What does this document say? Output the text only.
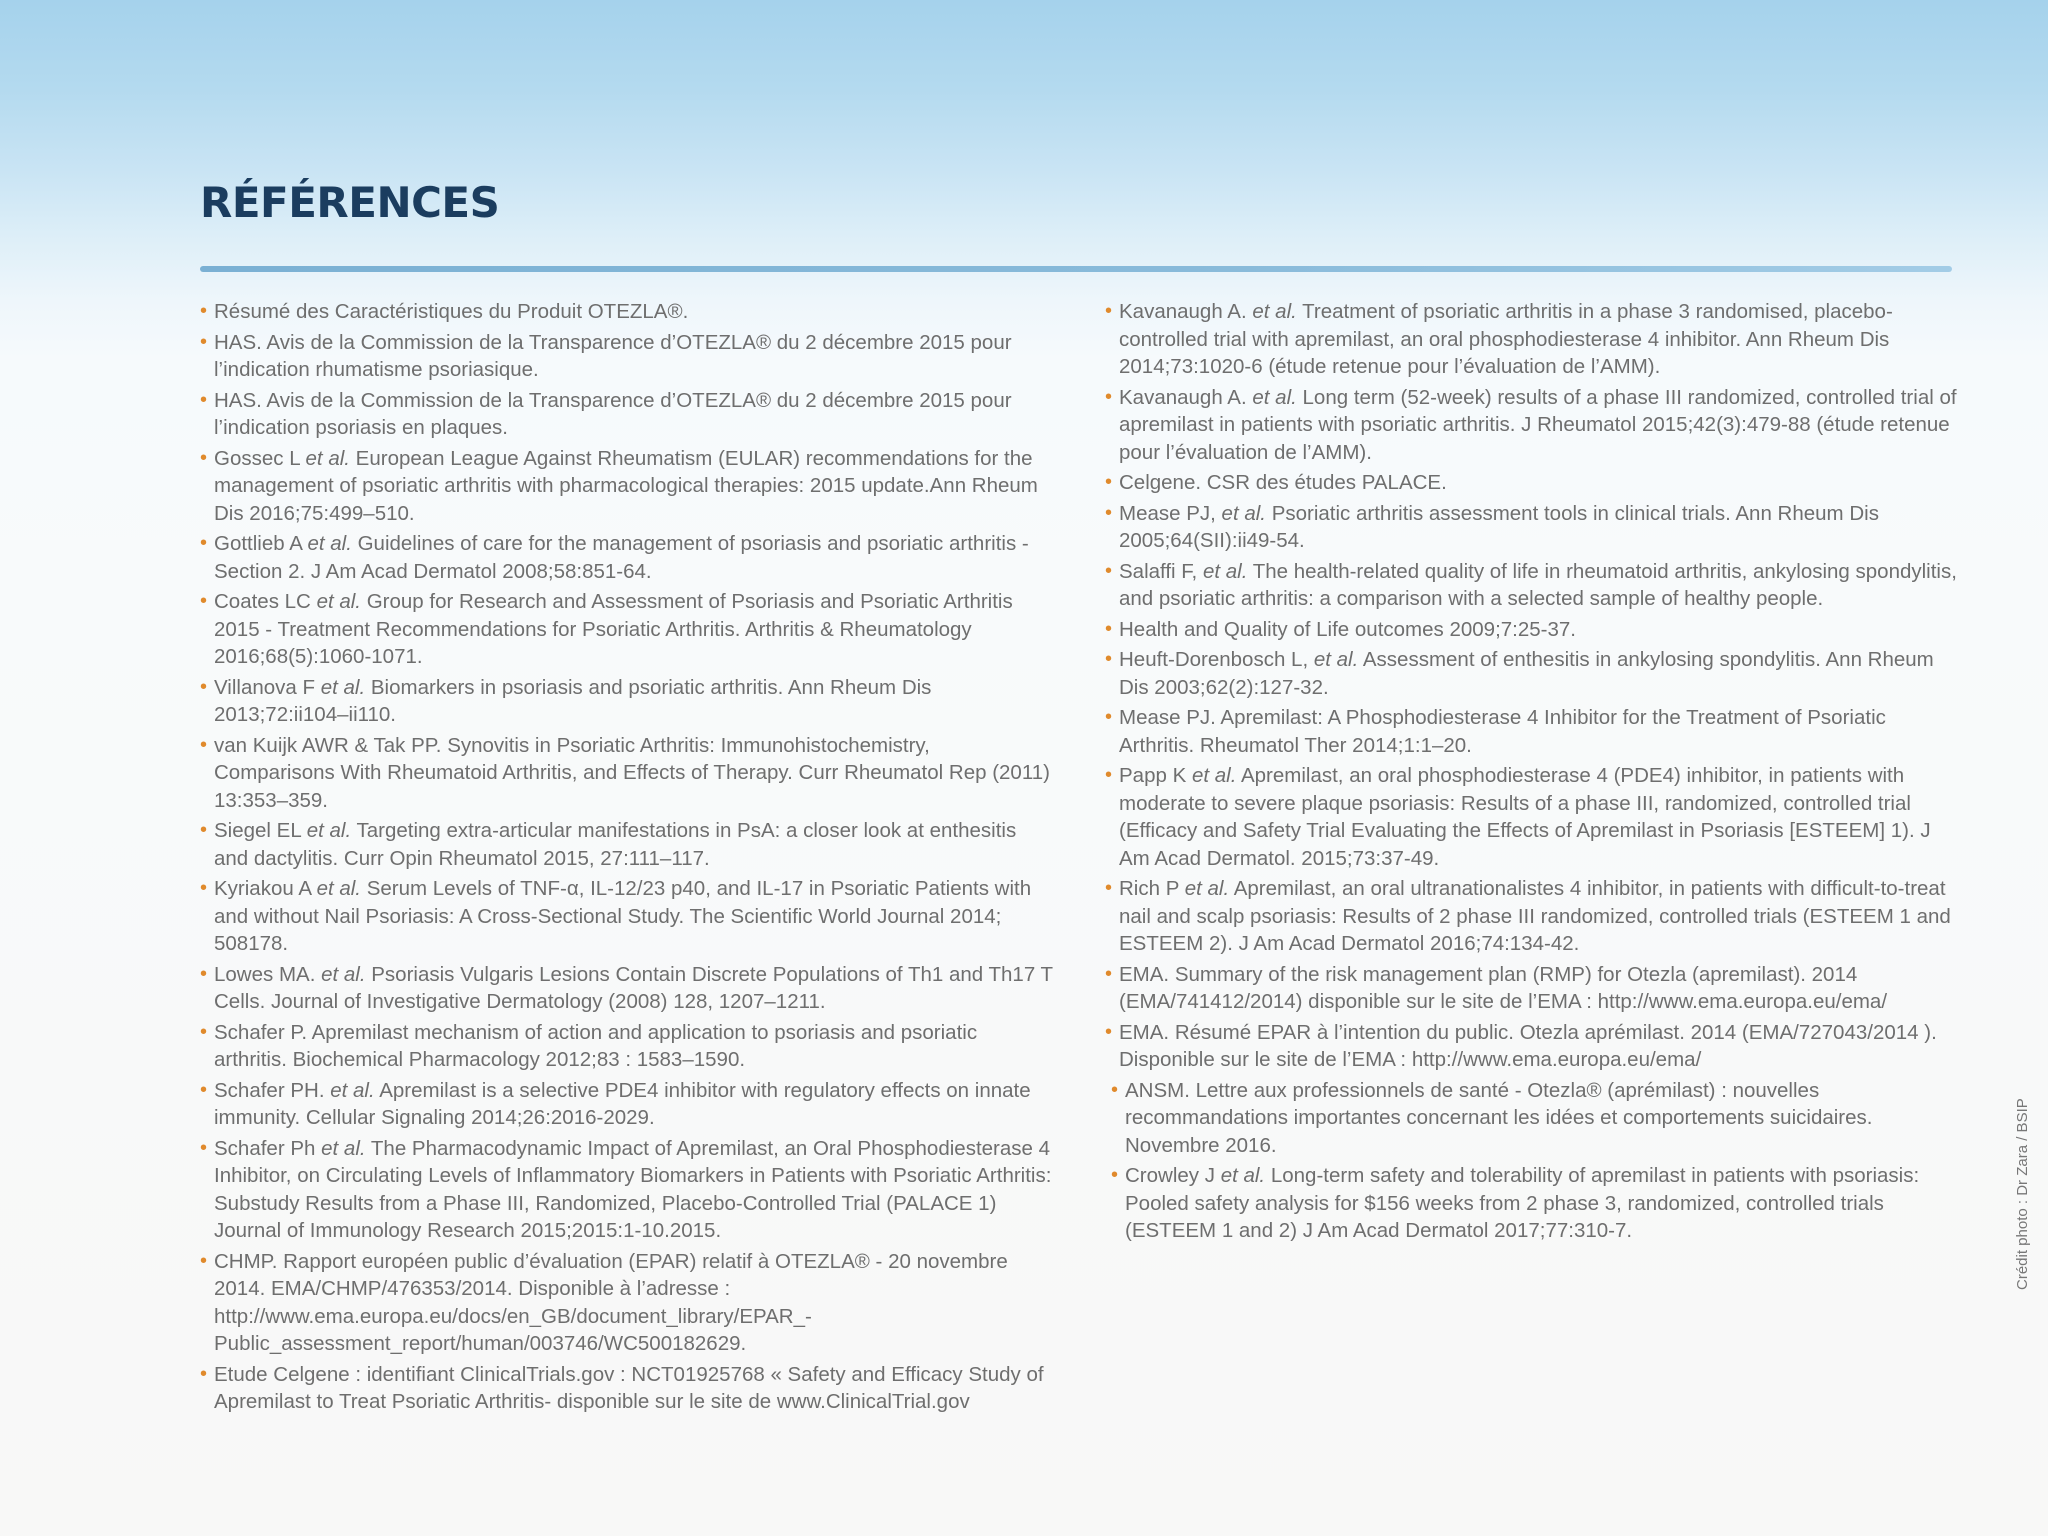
RÉFÉRENCES
• Résumé des Caractéristiques du Produit OTEZLA®.
• HAS. Avis de la Commission de la Transparence d’OTEZLA® du 2 décembre 2015 pour l’indication rhumatisme psoriasique.
• HAS. Avis de la Commission de la Transparence d’OTEZLA® du 2 décembre 2015 pour l’indication psoriasis en plaques.
• Gossec L et al. European League Against Rheumatism (EULAR) recommendations for the management of psoriatic arthritis with pharmacological therapies: 2015 update.Ann Rheum Dis 2016;75:499–510.
• Gottlieb A et al. Guidelines of care for the management of psoriasis and psoriatic arthritis -Section 2. J Am Acad Dermatol 2008;58:851-64.
• Coates LC et al. Group for Research and Assessment of Psoriasis and Psoriatic Arthritis 2015 - Treatment Recommendations for Psoriatic Arthritis. Arthritis & Rheumatology 2016;68(5):1060-1071.
• Villanova F et al. Biomarkers in psoriasis and psoriatic arthritis. Ann Rheum Dis 2013;72:ii104–ii110.
• van Kuijk AWR & Tak PP. Synovitis in Psoriatic Arthritis: Immunohistochemistry, Comparisons With Rheumatoid Arthritis, and Effects of Therapy. Curr Rheumatol Rep (2011) 13:353–359.
• Siegel EL et al. Targeting extra-articular manifestations in PsA: a closer look at enthesitis and dactylitis. Curr Opin Rheumatol 2015, 27:111–117.
• Kyriakou A et al. Serum Levels of TNF-α, IL-12/23 p40, and IL-17 in Psoriatic Patients with and without Nail Psoriasis: A Cross-Sectional Study. The Scientific World Journal 2014; 508178.
• Lowes MA. et al. Psoriasis Vulgaris Lesions Contain Discrete Populations of Th1 and Th17 T Cells. Journal of Investigative Dermatology (2008) 128, 1207–1211.
• Schafer P. Apremilast mechanism of action and application to psoriasis and psoriatic arthritis. Biochemical Pharmacology 2012;83 : 1583–1590.
• Schafer PH. et al. Apremilast is a selective PDE4 inhibitor with regulatory effects on innate immunity. Cellular Signaling 2014;26:2016-2029.
• Schafer Ph et al. The Pharmacodynamic Impact of Apremilast, an Oral Phosphodiesterase 4 Inhibitor, on Circulating Levels of Inflammatory Biomarkers in Patients with Psoriatic Arthritis: Substudy Results from a Phase III, Randomized, Placebo-Controlled Trial (PALACE 1) Journal of Immunology Research 2015;2015:1-10.2015.
• CHMP. Rapport européen public d’évaluation (EPAR) relatif à OTEZLA® - 20 novembre 2014. EMA/CHMP/476353/2014. Disponible à l’adresse : http://www.ema.europa.eu/docs/en_GB/document_library/EPAR_-Public_assessment_report/human/003746/WC500182629.
• Etude Celgene : identifiant ClinicalTrials.gov : NCT01925768 « Safety and Efficacy Study of Apremilast to Treat Psoriatic Arthritis- disponible sur le site de www.ClinicalTrial.gov
• Kavanaugh A. et al. Treatment of psoriatic arthritis in a phase 3 randomised, placebo-controlled trial with apremilast, an oral phosphodiesterase 4 inhibitor. Ann Rheum Dis 2014;73:1020-6 (étude retenue pour l’évaluation de l’AMM).
• Kavanaugh A. et al. Long term (52-week) results of a phase III randomized, controlled trial of apremilast in patients with psoriatic arthritis. J Rheumatol 2015;42(3):479-88 (étude retenue pour l’évaluation de l’AMM).
• Celgene. CSR des études PALACE.
• Mease PJ, et al. Psoriatic arthritis assessment tools in clinical trials. Ann Rheum Dis 2005;64(SII):ii49-54.
• Salaffi F, et al. The health-related quality of life in rheumatoid arthritis, ankylosing spondylitis, and psoriatic arthritis: a comparison with a selected sample of healthy people.
• Health and Quality of Life outcomes 2009;7:25-37.
• Heuft-Dorenbosch L, et al. Assessment of enthesitis in ankylosing spondylitis. Ann Rheum Dis 2003;62(2):127-32.
• Mease PJ. Apremilast: A Phosphodiesterase 4 Inhibitor for the Treatment of Psoriatic Arthritis. Rheumatol Ther 2014;1:1–20.
• Papp K et al. Apremilast, an oral phosphodiesterase 4 (PDE4) inhibitor, in patients with moderate to severe plaque psoriasis: Results of a phase III, randomized, controlled trial (Efficacy and Safety Trial Evaluating the Effects of Apremilast in Psoriasis [ESTEEM] 1). J Am Acad Dermatol. 2015;73:37-49.
• Rich P et al. Apremilast, an oral ultranationalistes 4 inhibitor, in patients with difficult-to-treat nail and scalp psoriasis: Results of 2 phase III randomized, controlled trials (ESTEEM 1 and ESTEEM 2). J Am Acad Dermatol 2016;74:134-42.
• EMA. Summary of the risk management plan (RMP) for Otezla (apremilast). 2014 (EMA/741412/2014) disponible sur le site de l’EMA : http://www.ema.europa.eu/ema/
• EMA. Résumé EPAR à l’intention du public. Otezla aprémilast. 2014 (EMA/727043/2014 ). Disponible sur le site de l’EMA : http://www.ema.europa.eu/ema/
• ANSM. Lettre aux professionnels de santé - Otezla® (aprémilast) : nouvelles recommandations importantes concernant les idées et comportements suicidaires. Novembre 2016.
• Crowley J et al. Long-term safety and tolerability of apremilast in patients with psoriasis: Pooled safety analysis for $156 weeks from 2 phase 3, randomized, controlled trials (ESTEEM 1 and 2) J Am Acad Dermatol 2017;77:310-7.	Crédit photo : Dr Zara / BSIP
